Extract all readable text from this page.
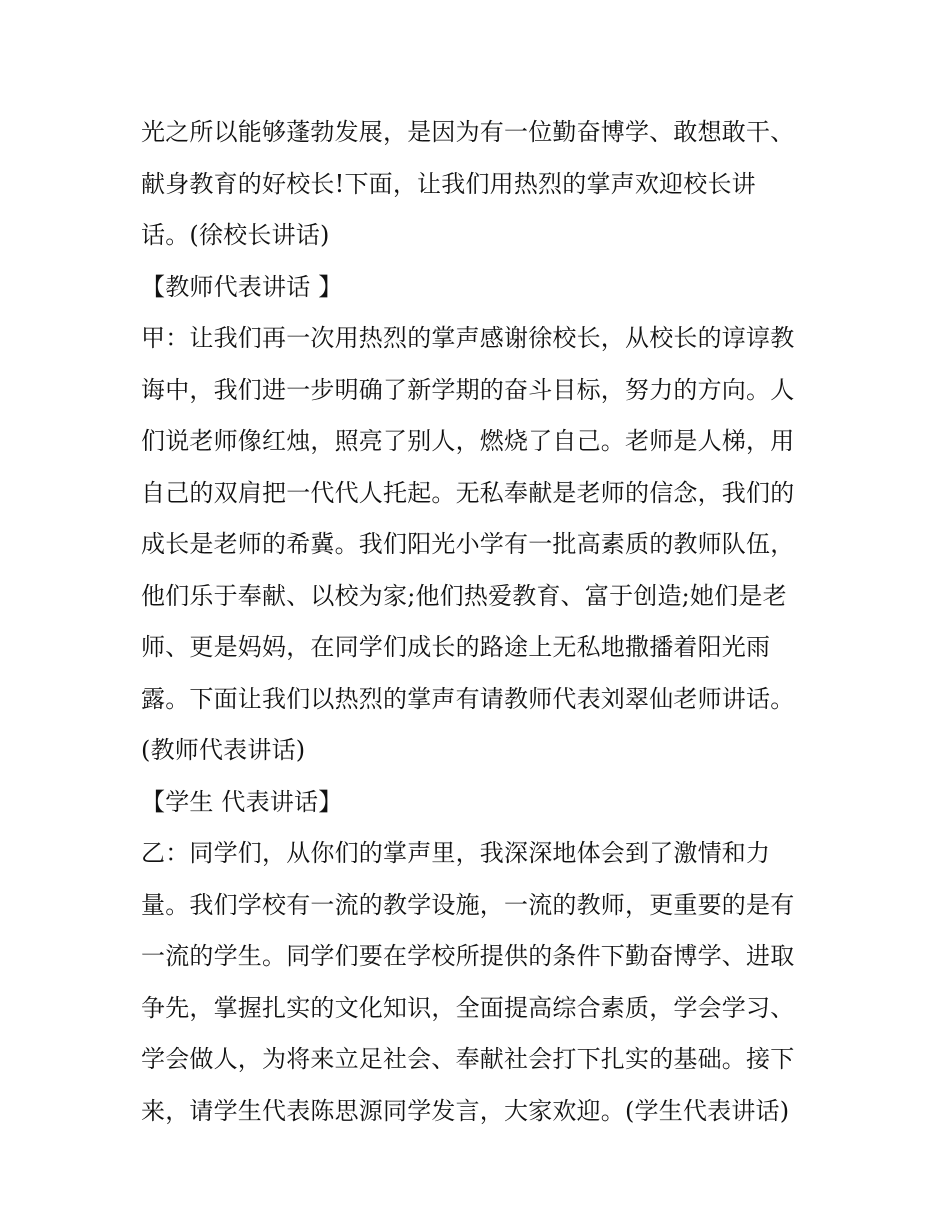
光之所以能够蓬勃发展，是因为有一位勤奋博学、敢想敢干、
献身教育的好校长!下面，让我们用热烈的掌声欢迎校长讲
话。(徐校长讲话)
【教师代表讲话 】
甲：让我们再一次用热烈的掌声感谢徐校长，从校长的谆谆教
诲中，我们进一步明确了新学期的奋斗目标，努力的方向。人
们说老师像红烛，照亮了别人，燃烧了自己。老师是人梯，用
自己的双肩把一代代人托起。无私奉献是老师的信念，我们的
成长是老师的希冀。我们阳光小学有一批高素质的教师队伍，
他们乐于奉献、以校为家;他们热爱教育、富于创造;她们是老
师、更是妈妈，在同学们成长的路途上无私地撒播着阳光雨
露。下面让我们以热烈的掌声有请教师代表刘翠仙老师讲话。
(教师代表讲话)
【学生 代表讲话】
乙：同学们，从你们的掌声里，我深深地体会到了激情和力
量。我们学校有一流的教学设施，一流的教师，更重要的是有
一流的学生。同学们要在学校所提供的条件下勤奋博学、进取
争先，掌握扎实的文化知识，全面提高综合素质，学会学习、
学会做人，为将来立足社会、奉献社会打下扎实的基础。接下
来，请学生代表陈思源同学发言，大家欢迎。(学生代表讲话)
